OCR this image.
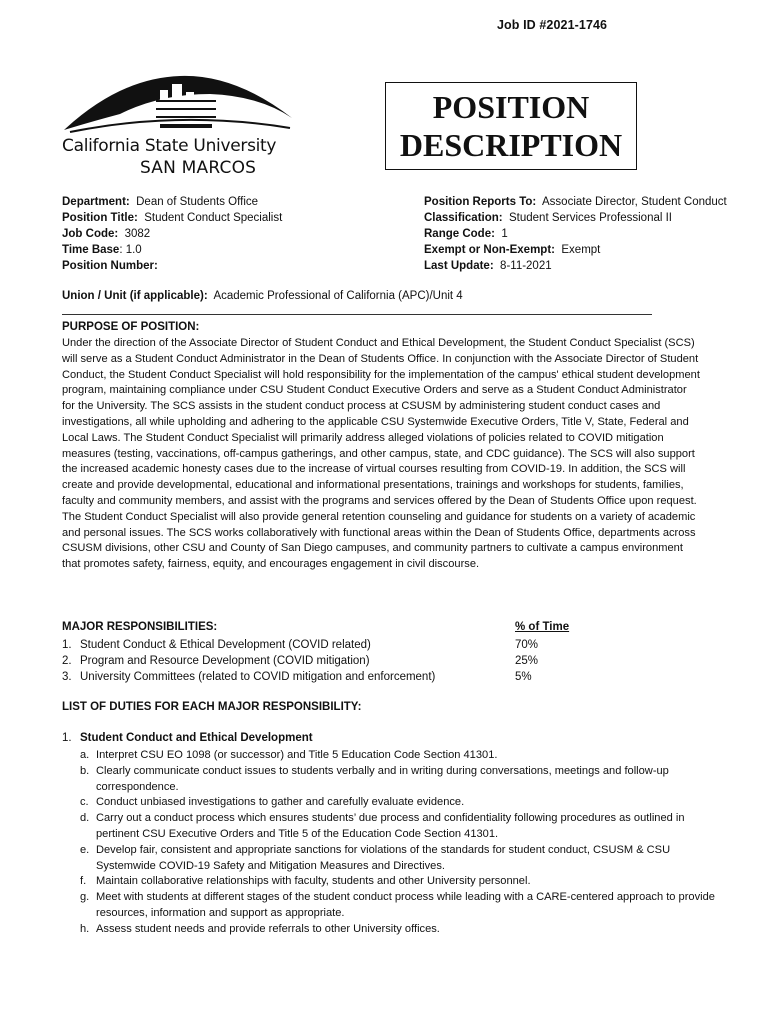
Job ID #2021-1746
California State University
SAN MARCOS
POSITION
DESCRIPTION
Department: Dean of Students Office
Position Title: Student Conduct Specialist
Job Code: 3082
Time Base: 1.0
Position Number:
Position Reports To: Associate Director, Student Conduct
Classification: Student Services Professional II
Range Code: 1
Exempt or Non-Exempt: Exempt
Last Update: 8-11-2021
Union / Unit (if applicable): Academic Professional of California (APC)/Unit 4
PURPOSE OF POSITION:

Under the direction of the Associate Director of Student Conduct and Ethical Development, the Student Conduct Specialist (SCS) will serve as a Student Conduct Administrator in the Dean of Students Office. In conjunction with the Associate Director of Student Conduct, the Student Conduct Specialist will hold responsibility for the implementation of the campus' ethical student development program, maintaining compliance under CSU Student Conduct Executive Orders and serve as a Student Conduct Administrator for the University. The SCS assists in the student conduct process at CSUSM by administering student conduct cases and investigations, all while upholding and adhering to the applicable CSU Systemwide Executive Orders, Title V, State, Federal and Local Laws. The Student Conduct Specialist will primarily address alleged violations of policies related to COVID mitigation measures (testing, vaccinations, off-campus gatherings, and other campus, state, and CDC guidance). The SCS will also support the increased academic honesty cases due to the increase of virtual courses resulting from COVID-19. In addition, the SCS will create and provide developmental, educational and informational presentations, trainings and workshops for students, families, faculty and community members, and assist with the programs and services offered by the Dean of Students Office upon request. The Student Conduct Specialist will also provide general retention counseling and guidance for students on a variety of academic and personal issues. The SCS works collaboratively with functional areas within the Dean of Students Office, departments across CSUSM divisions, other CSU and County of San Diego campuses, and community partners to cultivate a campus environment that promotes safety, fairness, equity, and encourages engagement in civil discourse.

MAJOR RESPONSIBILITIES:	% of Time
1. Student Conduct & Ethical Development (COVID related)	70%
2. Program and Resource Development (COVID mitigation)	25%
3. University Committees (related to COVID mitigation and enforcement)	5%
LIST OF DUTIES FOR EACH MAJOR RESPONSIBILITY:
1. Student Conduct and Ethical Development
a. Interpret CSU EO 1098 (or successor) and Title 5 Education Code Section 41301.
b. Clearly communicate conduct issues to students verbally and in writing during conversations, meetings and follow-up correspondence.
c. Conduct unbiased investigations to gather and carefully evaluate evidence.
d. Carry out a conduct process which ensures students’ due process and confidentiality following procedures as outlined in pertinent CSU Executive Orders and Title 5 of the Education Code Section 41301.
e. Develop fair, consistent and appropriate sanctions for violations of the standards for student conduct, CSUSM & CSU Systemwide COVID-19 Safety and Mitigation Measures and Directives.
f. Maintain collaborative relationships with faculty, students and other University personnel.
g. Meet with students at different stages of the student conduct process while leading with a CARE-centered approach to provide resources, information and support as appropriate.
h. Assess student needs and provide referrals to other University offices.
